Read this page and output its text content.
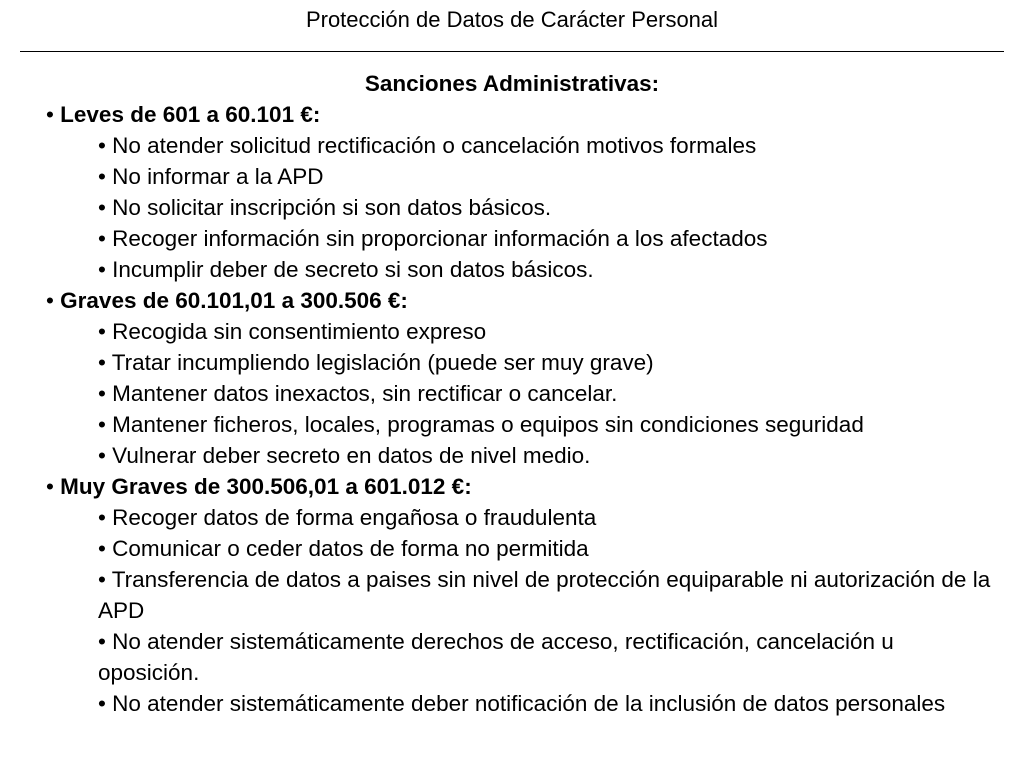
Protección de Datos de Carácter Personal
Sanciones Administrativas:
• Leves de 601 a 60.101 €:
• No atender solicitud rectificación o cancelación motivos formales
• No informar a la APD
• No solicitar inscripción si son datos básicos.
• Recoger información sin proporcionar información a los afectados
• Incumplir deber de secreto si son datos básicos.
• Graves de 60.101,01 a 300.506 €:
• Recogida sin consentimiento expreso
• Tratar incumpliendo legislación (puede ser muy grave)
• Mantener datos inexactos, sin rectificar o cancelar.
• Mantener ficheros, locales, programas o equipos sin condiciones seguridad
• Vulnerar deber secreto en datos de nivel medio.
• Muy Graves de 300.506,01 a 601.012 €:
• Recoger datos de forma engañosa o fraudulenta
• Comunicar o ceder datos de forma no permitida
• Transferencia de datos a paises sin nivel de protección equiparable ni autorización de la APD
• No atender sistemáticamente derechos de acceso, rectificación, cancelación u oposición.
• No atender sistemáticamente deber notificación de la inclusión de datos personales
